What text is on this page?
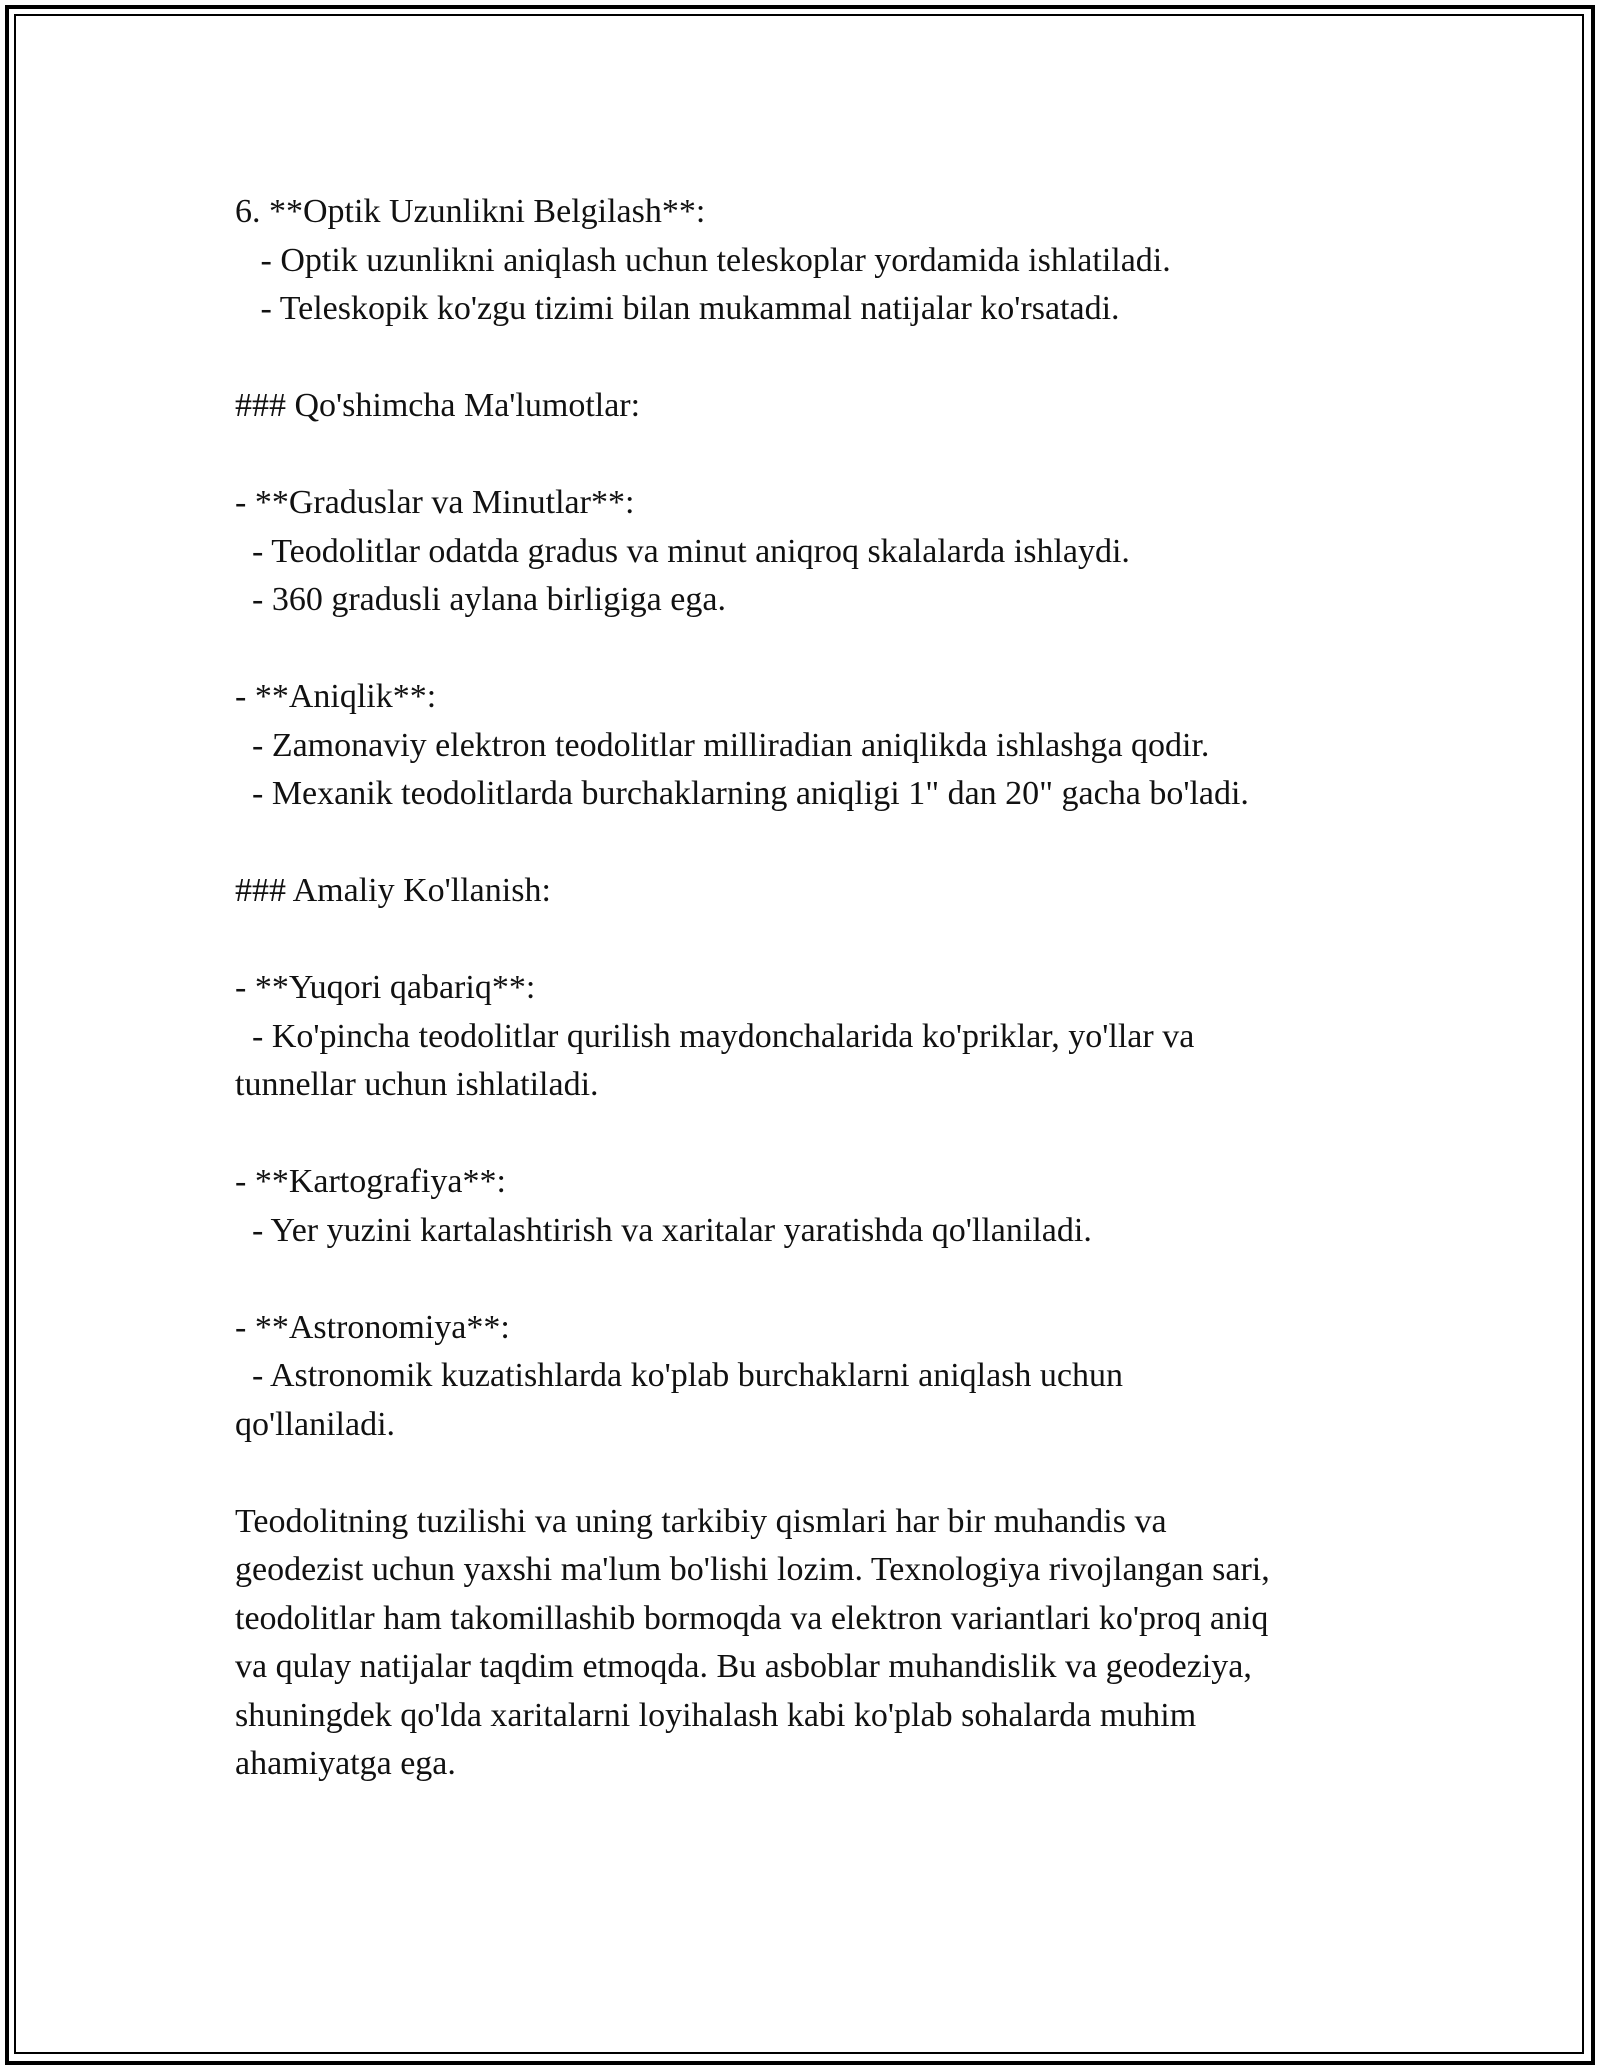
6. **Optik Uzunlikni Belgilash**:
- Optik uzunlikni aniqlash uchun teleskoplar yordamida ishlatiladi.
- Teleskopik ko'zgu tizimi bilan mukammal natijalar ko'rsatadi.
### Qo'shimcha Ma'lumotlar:
- **Graduslar va Minutlar**:
- Teodolitlar odatda gradus va minut aniqroq skalalarda ishlaydi.
- 360 gradusli aylana birligiga ega.
- **Aniqlik**:
- Zamonaviy elektron teodolitlar milliradian aniqlikda ishlashga qodir.
- Mexanik teodolitlarda burchaklarning aniqligi 1" dan 20" gacha bo'ladi.
### Amaliy Ko'llanish:
- **Yuqori qabariq**:
- Ko'pincha teodolitlar qurilish maydonchalarida ko'priklar, yo'llar va
tunnellar uchun ishlatiladi.
- **Kartografiya**:
- Yer yuzini kartalashtirish va xaritalar yaratishda qo'llaniladi.
- **Astronomiya**:
- Astronomik kuzatishlarda ko'plab burchaklarni aniqlash uchun
qo'llaniladi.
Teodolitning tuzilishi va uning tarkibiy qismlari har bir muhandis va
geodezist uchun yaxshi ma'lum bo'lishi lozim. Texnologiya rivojlangan sari,
teodolitlar ham takomillashib bormoqda va elektron variantlari ko'proq aniq
va qulay natijalar taqdim etmoqda. Bu asboblar muhandislik va geodeziya,
shuningdek qo'lda xaritalarni loyihalash kabi ko'plab sohalarda muhim
ahamiyatga ega.
